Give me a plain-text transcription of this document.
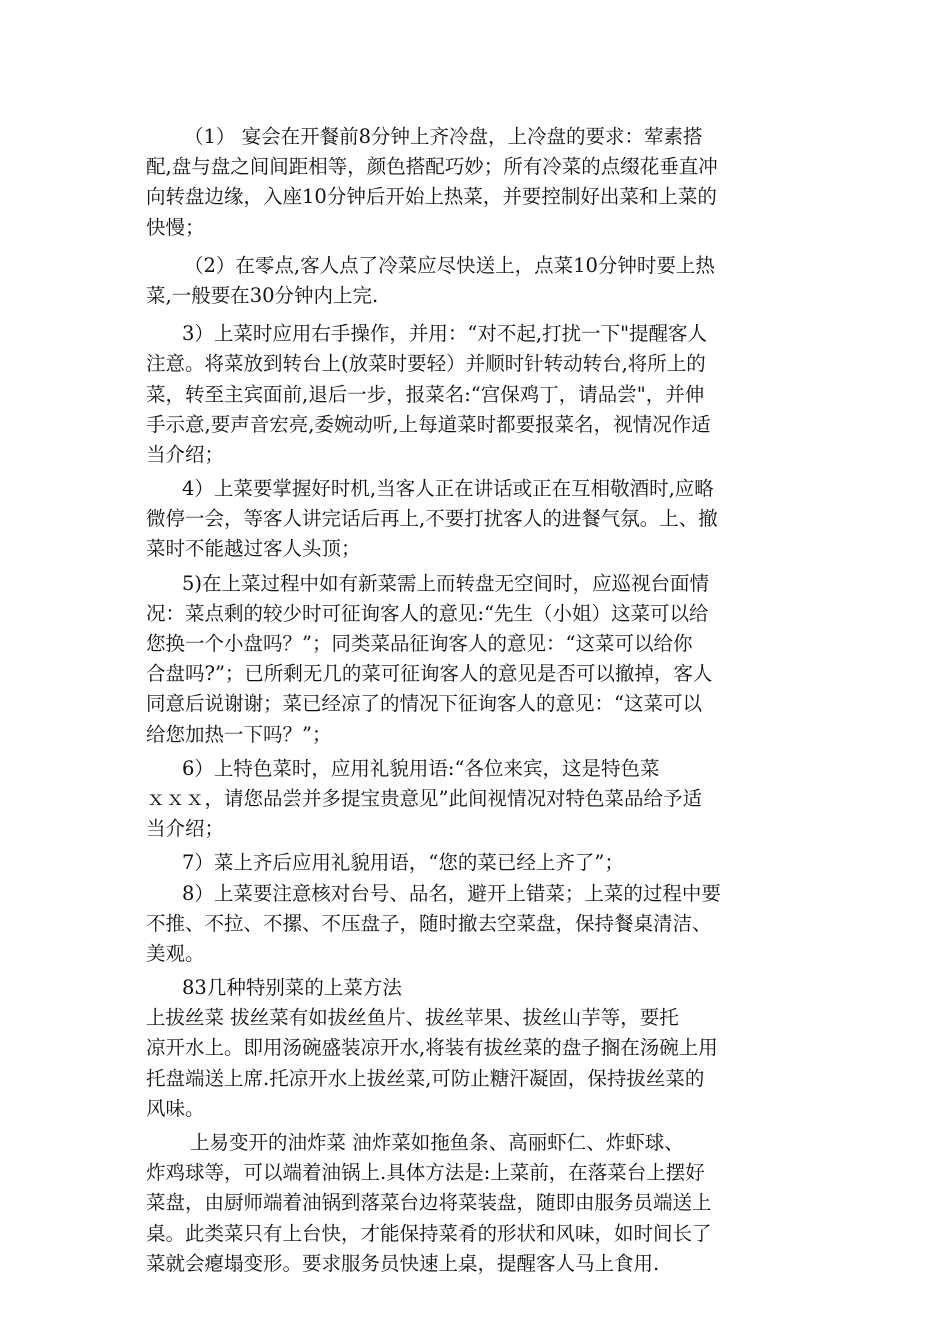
（1） 宴会在开餐前8分钟上齐冷盘，上冷盘的要求：荤素搭
配,盘与盘之间间距相等，颜色搭配巧妙；所有冷菜的点缀花垂直冲
向转盘边缘，入座10分钟后开始上热菜，并要控制好出菜和上菜的
快慢；
（2）在零点,客人点了冷菜应尽快送上，点菜10分钟时要上热
菜,一般要在30分钟内上完.
3）上菜时应用右手操作，并用：“对不起,打扰一下"提醒客人
注意。将菜放到转台上(放菜时要轻）并顺时针转动转台,将所上的
菜，转至主宾面前,退后一步，报菜名:“宫保鸡丁，请品尝"，并伸
手示意,要声音宏亮,委婉动听,上每道菜时都要报菜名，视情况作适
当介绍；
4）上菜要掌握好时机,当客人正在讲话或正在互相敬酒时,应略
微停一会，等客人讲完话后再上,不要打扰客人的进餐气氛。上、撤
菜时不能越过客人头顶；
5)在上菜过程中如有新菜需上而转盘无空间时，应巡视台面情
况：菜点剩的较少时可征询客人的意见:“先生（小姐）这菜可以给
您换一个小盘吗？”；同类菜品征询客人的意见：“这菜可以给你
合盘吗?”；已所剩无几的菜可征询客人的意见是否可以撤掉，客人
同意后说谢谢；菜已经凉了的情况下征询客人的意见：“这菜可以
给您加热一下吗？”；
6）上特色菜时，应用礼貌用语:“各位来宾，这是特色菜
ｘｘｘ，请您品尝并多提宝贵意见”此间视情况对特色菜品给予适
当介绍；
7）菜上齐后应用礼貌用语，“您的菜已经上齐了”；
8）上菜要注意核对台号、品名，避开上错菜；上菜的过程中要
不推、不拉、不摞、不压盘子，随时撤去空菜盘，保持餐桌清洁、
美观。
83几种特别菜的上菜方法
上拔丝菜 拔丝菜有如拔丝鱼片、拔丝苹果、拔丝山芋等，要托
凉开水上。即用汤碗盛装凉开水,将装有拔丝菜的盘子搁在汤碗上用
托盘端送上席.托凉开水上拔丝菜,可防止糖汗凝固，保持拔丝菜的
风味。
上易变开的油炸菜 油炸菜如拖鱼条、高丽虾仁、炸虾球、
炸鸡球等，可以端着油锅上.具体方法是:上菜前，在落菜台上摆好
菜盘，由厨师端着油锅到落菜台边将菜装盘，随即由服务员端送上
桌。此类菜只有上台快，才能保持菜肴的形状和风味，如时间长了
菜就会瘪塌变形。要求服务员快速上桌，提醒客人马上食用.
